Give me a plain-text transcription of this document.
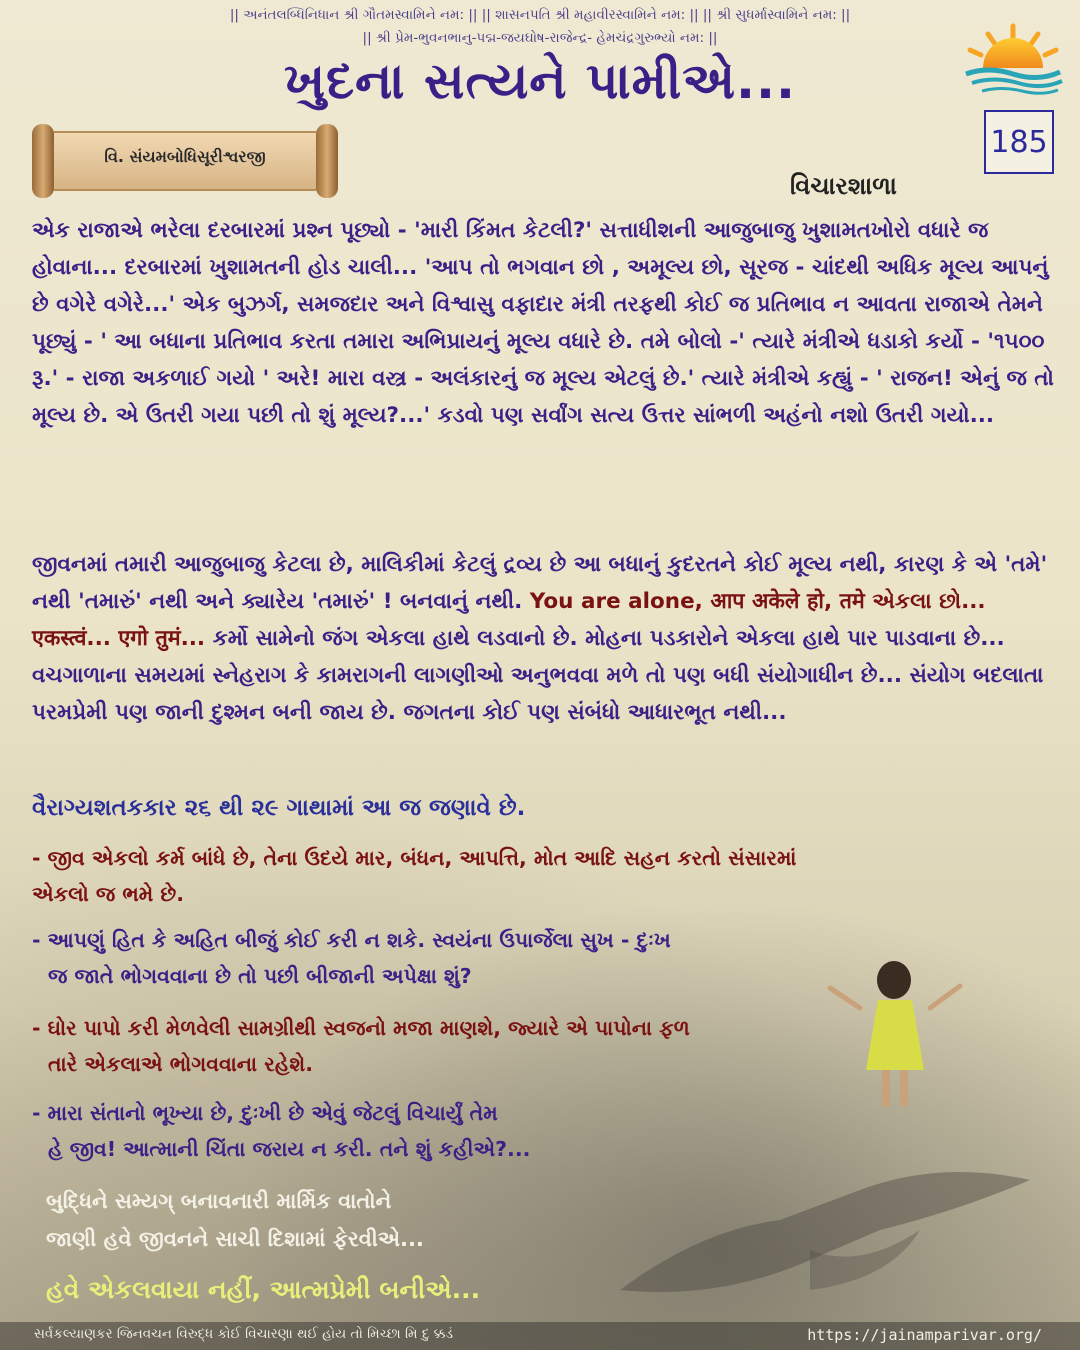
|| અનંતલબ્ધિનિધાન શ્રી ગૌતમસ્વામિને નમ: || || શાસનપતિ શ્રી મહાવીરસ્વામિને નમ: || || શ્રી સુધર્માસ્વામિને નમ: ||
|| શ્રી પ્રેમ-ભુવનભાનુ-પદ્મ-જયઘોષ-રાજેન્દ્ર- હેમચંદ્રગુરુભ્યો નમ: ||
ખુદના સત્યને પામીએ...
185
વિ. સંયમબોધિસૂરીશ્વરજી
વિચારશાળા
એક રાજાએ ભરેલા દરબારમાં પ્રશ્ન પૂછ્યો - 'મારી કિંમત કેટલી?' સત્તાધીશની આજુબાજુ ખુશામતખોરો વધારે જ હોવાના... દરબારમાં ખુશામતની હોડ ચાલી... 'આપ તો ભગવાન છો , અમૂલ્ય છો, સૂરજ - ચાંદથી અધિક મૂલ્ય આપનું છે વગેરે વગેરે...' એક બુઝર્ગ, સમજદાર અને વિશ્વાસુ વફાદાર મંત્રી તરફથી કોઈ જ પ્રતિભાવ ન આવતા રાજાએ તેમને પૂછ્યું - ' આ બધાના પ્રતિભાવ કરતા તમારા અભિપ્રાયનું મૂલ્ય વધારે છે. તમે બોલો -' ત્યારે મંત્રીએ ધડાકો કર્યો - '૧૫૦૦ રૂ.' - રાજા અકળાઈ ગયો ' અરે! મારા વસ્ત્ર - અલંકારનું જ મૂલ્ય એટલું છે.' ત્યારે મંત્રીએ કહ્યું - ' રાજન! એનું જ તો મૂલ્ય છે. એ ઉતરી ગયા પછી તો શું મૂલ્ય?...' કડવો પણ સર્વાંગ સત્ય ઉત્તર સાંભળી અહંનો નશો ઉતરી ગયો...
જીવનમાં તમારી આજુબાજુ કેટલા છે, માલિકીમાં કેટલું દ્રવ્ય છે આ બધાનું કુદરતને કોઈ મૂલ્ય નથી, કારણ કે એ 'તમે' નથી 'તમારું' નથી અને ક્યારેય 'તમારું' ! બનવાનું નથી. You are alone, आप अकेले हो, तमे એકલા છો... एकस्त्वं... एगो तुमं... કર્મો સામેનો જંગ એકલા હાથે લડવાનો છે. મોહના પડકારોને એકલા હાથે પાર પાડવાના છે... વચગાળાના સમયમાં સ્નેહરાગ કે કામરાગની લાગણીઓ અનુભવવા મળે તો પણ બધી સંયોગાધીન છે... સંયોગ બદલાતા પરમપ્રેમી પણ જાની દુશ્મન બની જાય છે. જગતના કોઈ પણ સંબંધો આધારભૂત નથી...
વૈરાગ્યશતકકાર ૨૬ થી ૨૯ ગાથામાં આ જ જણાવે છે.
- જીવ એકલો કર્મ બાંધે છે, તેના ઉદયે માર, બંધન, આપત્તિ, મોત આદિ સહન કરતો સંસારમાં
એકલો જ ભમે છે.
- આપણું હિત કે અહિત બીજું કોઈ કરી ન શકે. સ્વયંના ઉપાર્જેલા સુખ - દુઃખ
જ જાતે ભોગવવાના છે તો પછી બીજાની અપેક્ષા શું?
- ઘોર પાપો કરી મેળવેલી સામગ્રીથી સ્વજનો મજા માણશે, જ્યારે એ પાપોના ફળ
તારે એકલાએ ભોગવવાના રહેશે.
- મારા સંતાનો ભૂખ્યા છે, દુઃખી છે એવું જેટલું વિચાર્યું તેમ
હે જીવ! આત્માની ચિંતા જરાય ન કરી. તને શું કહીએ?...
બુદ્ધિને સમ્યગ્ બનાવનારી માર્મિક વાતોને
જાણી હવે જીવનને સાચી દિશામાં ફેરવીએ...
હવે એકલવાયા નહીં, આત્મપ્રેમી બનીએ...
સર્વકલ્યાણકર જિનવચન વિરુદ્ધ કોઈ વિચારણા થઈ હોય તો મિચ્છા મિ દુ ક્કડં	https://jainamparivar.org/
